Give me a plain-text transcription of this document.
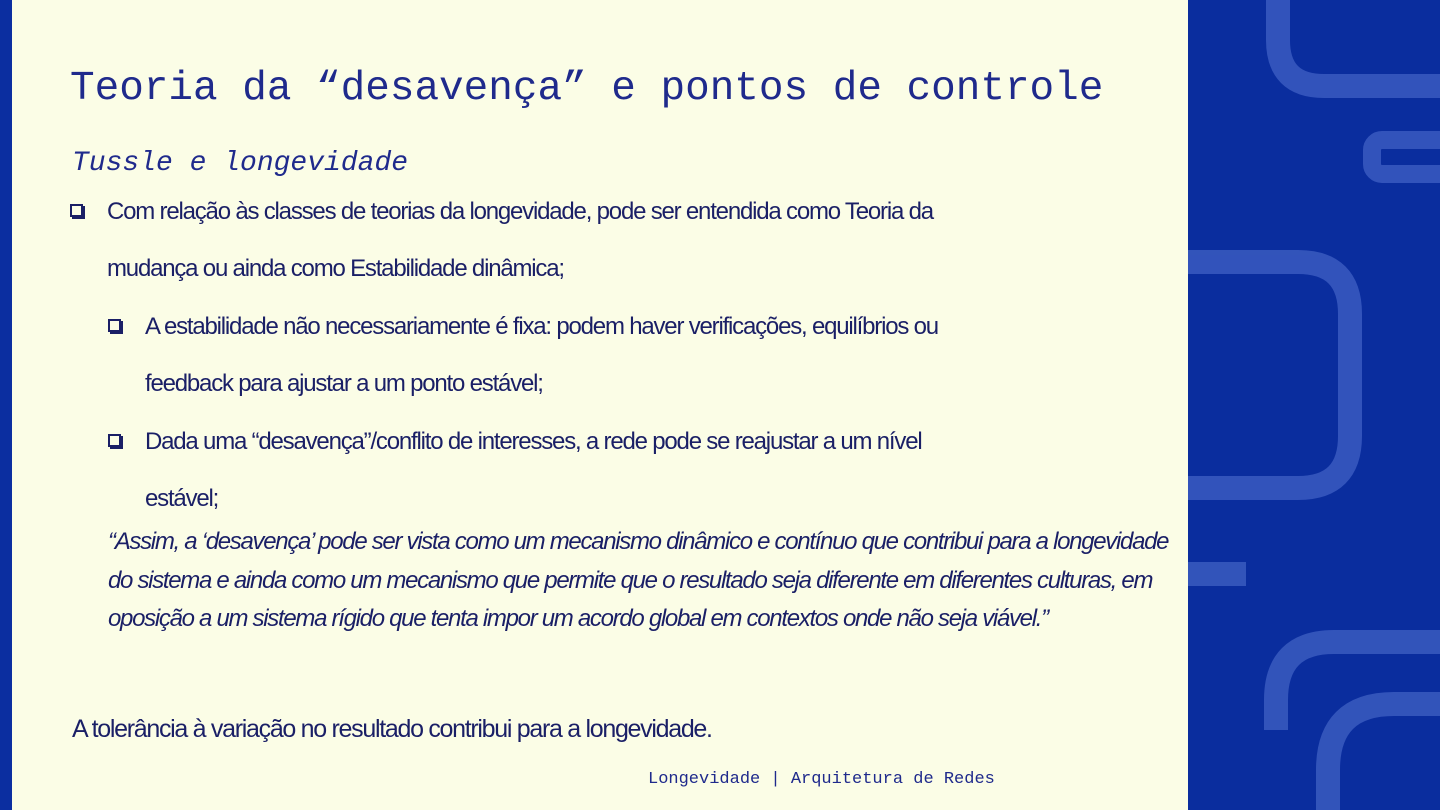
Teoria da “desavença” e pontos de controle
Tussle e longevidade
Com relação às classes de teorias da longevidade, pode ser entendida como Teoria da
mudança ou ainda como Estabilidade dinâmica;
A estabilidade não necessariamente é fixa: podem haver verificações, equilíbrios ou
feedback para ajustar a um ponto estável;
Dada uma “desavença”/conflito de interesses, a rede pode se reajustar a um nível
estável;
“Assim, a ‘desavença’ pode ser vista como um mecanismo dinâmico e contínuo que contribui para a longevidade do sistema e ainda como um mecanismo que permite que o resultado seja diferente em diferentes culturas, em oposição a um sistema rígido que tenta impor um acordo global em contextos onde não seja viável.”
A tolerância à variação no resultado contribui para a longevidade.
Longevidade | Arquitetura de Redes
